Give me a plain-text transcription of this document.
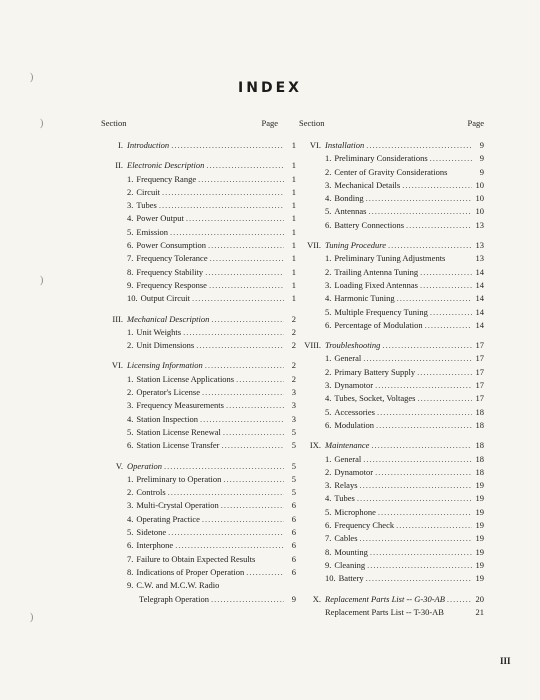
INDEX
Section	Page
I. Introduction .....	1
II. Electronic Description .....	1
1. Frequency Range .....	1
2. Circuit .....	1
3. Tubes .....	1
4. Power Output .....	1
5. Emission .....	1
6. Power Consumption .....	1
7. Frequency Tolerance .....	1
8. Frequency Stability .....	1
9. Frequency Response .....	1
10. Output Circuit .....	1
III. Mechanical Description .....	2
1. Unit Weights .....	2
2. Unit Dimensions .....	2
VI. Licensing Information .....	2
1. Station License Applications .....	2
2. Operator's License .....	3
3. Frequency Measurements .....	3
4. Station Inspection .....	3
5. Station License Renewal .....	5
6. Station License Transfer .....	5
V. Operation .....	5
1. Preliminary to Operation .....	5
2. Controls .....	5
3. Multi-Crystal Operation .....	6
4. Operating Practice .....	6
5. Sidetone .....	6
6. Interphone .....	6
7. Failure to Obtain Expected Results	6
8. Indications of Proper Operation .....	6
9. C.W. and M.C.W. Radio
Telegraph Operation .....	9
Section	Page
VI. Installation .....	9
1. Preliminary Considerations .....	9
2. Center of Gravity Considerations	9
3. Mechanical Details .....	10
4. Bonding .....	10
5. Antennas .....	10
6. Battery Connections .....	13
VII. Tuning Procedure .....	13
1. Preliminary Tuning Adjustments	13
2. Trailing Antenna Tuning .....	14
3. Loading Fixed Antennas .....	14
4. Harmonic Tuning .....	14
5. Multiple Frequency Tuning .....	14
6. Percentage of Modulation .....	14
VIII. Troubleshooting .....	17
1. General .....	17
2. Primary Battery Supply .....	17
3. Dynamotor .....	17
4. Tubes, Socket, Voltages .....	17
5. Accessories .....	18
6. Modulation .....	18
IX. Maintenance .....	18
1. General .....	18
2. Dynamotor .....	18
3. Relays .....	19
4. Tubes .....	19
5. Microphone .....	19
6. Frequency Check .....	19
7. Cables .....	19
8. Mounting .....	19
9. Cleaning .....	19
10. Battery .....	19
X. Replacement Parts List -- G-30-AB .....	20
Replacement Parts List -- T-30-AB	21
III
)
)
)
)
